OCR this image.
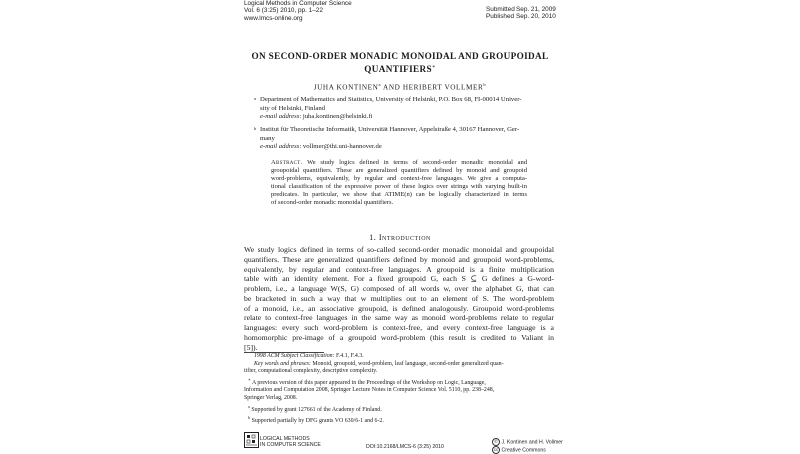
Logical Methods in Computer Science
Vol. 6 (3:25) 2010, pp. 1–22
www.lmcs-online.org
SubmittedSep. 21, 2009
Published Sep. 20, 2010
ON SECOND-ORDER MONADIC MONOIDAL AND GROUPOIDAL
QUANTIFIERS∗
JUHA KONTINEN$^a$ AND HERIBERT VOLLMER$^b$
a Department of Mathematics and Statistics, University of Helsinki, P.O. Box 68, FI-00014 Univer-
sity of Helsinki, Finland
e-mail address: juha.kontinen@helsinki.fi
b Institut für Theoretische Informatik, Universität Hannover, Appelstraße 4, 30167 Hannover, Ger-
many
e-mail address: vollmer@thi.uni-hannover.de
Abstract. We study logics defined in terms of second-order monadic monoidal and
groupoidal quantifiers. These are generalized quantifiers defined by monoid and groupoid
word-problems, equivalently, by regular and context-free languages. We give a computa-
tional classification of the expressive power of these logics over strings with varying built-in
predicates. In particular, we show that ATIME(n) can be logically characterized in terms
of second-order monadic monoidal quantifiers.
1. Introduction
We study logics defined in terms of so-called second-order monadic monoidal and groupoidal
quantifiers. These are generalized quantifiers defined by monoid and groupoid word-problems,
equivalently, by regular and context-free languages. A groupoid is a finite multiplication
table with an identity element. For a fixed groupoid G, each S ⊆ G defines a G-word-
problem, i.e., a language W(S, G) composed of all words w, over the alphabet G, that can
be bracketed in such a way that w multiplies out to an element of S. The word-problem
of a monoid, i.e., an associative groupoid, is defined analogously. Groupoid word-problems
relate to context-free languages in the same way as monoid word-problems relate to regular
languages: every such word-problem is context-free, and every context-free language is a
homomorphic pre-image of a groupoid word-problem (this result is credited to Valiant in
[5]).
1998 ACM Subject Classification: F.4.1, F.4.3.
Key words and phrases: Monoid, groupoid, word-problem, leaf language, second-order generalized quan-
tifier, computational complexity, descriptive complexity.
∗ A previous version of this paper appeared in the Proceedings of the Workshop on Logic, Language,
Information and Computation 2008, Springer Lecture Notes in Computer Science Vol. 5110, pp. 238–248,
Springer Verlag, 2008.
$^a$ Supported by grant 127661 of the Academy of Finland.
$^b$ Supported partially by DFG grants VO 630/6-1 and 6-2.
LOGICAL METHODS
IN COMPUTER SCIENCE	DOI:10.2168/LMCS-6 (3:25) 2010
© J. Kontinen and H. Vollmer
cc Creative Commons
